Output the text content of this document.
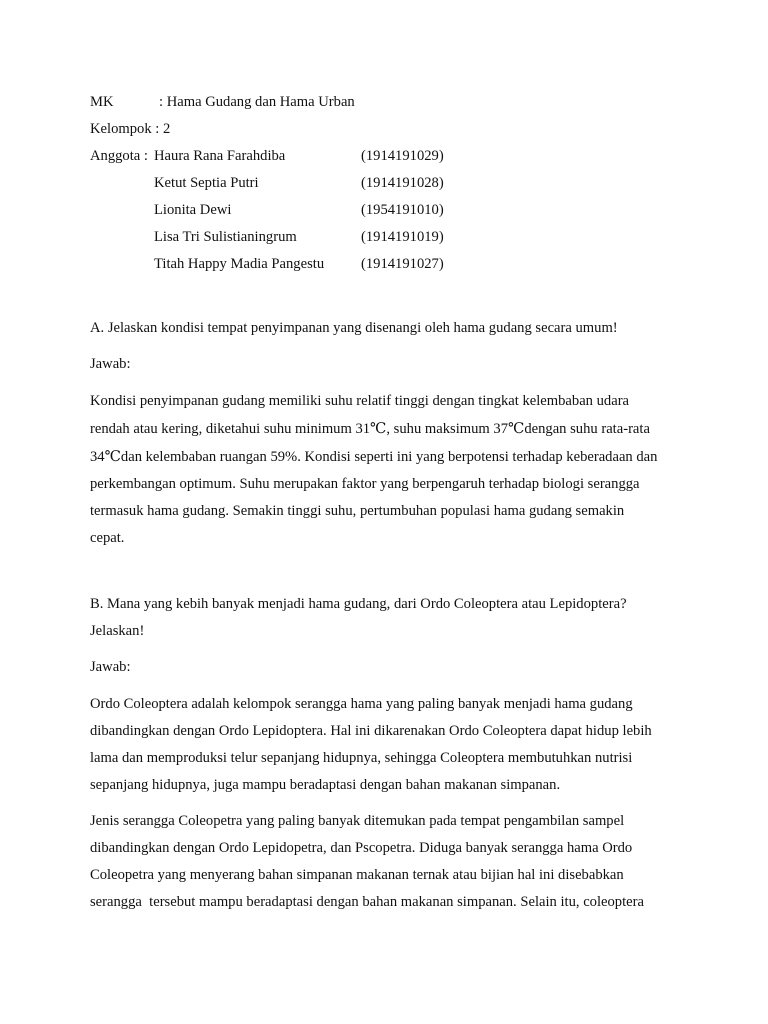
MK	: Hama Gudang dan Hama Urban
Kelompok : 2
Anggota : Haura Rana Farahdiba	(1914191029)
Ketut Septia Putri	(1914191028)
Lionita Dewi	(1954191010)
Lisa Tri Sulistianingrum	(1914191019)
Titah Happy Madia Pangestu	(1914191027)
A. Jelaskan kondisi tempat penyimpanan yang disenangi oleh hama gudang secara umum!
Jawab:
Kondisi penyimpanan gudang memiliki suhu relatif tinggi dengan tingkat kelembaban udara
rendah atau kering, diketahui suhu minimum 31℃, suhu maksimum 37℃dengan suhu rata-rata
34℃dan kelembaban ruangan 59%. Kondisi seperti ini yang berpotensi terhadap keberadaan dan
perkembangan optimum. Suhu merupakan faktor yang berpengaruh terhadap biologi serangga
termasuk hama gudang. Semakin tinggi suhu, pertumbuhan populasi hama gudang semakin
cepat.
B. Mana yang kebih banyak menjadi hama gudang, dari Ordo Coleoptera atau Lepidoptera?
Jelaskan!
Jawab:
Ordo Coleoptera adalah kelompok serangga hama yang paling banyak menjadi hama gudang
dibandingkan dengan Ordo Lepidoptera. Hal ini dikarenakan Ordo Coleoptera dapat hidup lebih
lama dan memproduksi telur sepanjang hidupnya, sehingga Coleoptera membutuhkan nutrisi
sepanjang hidupnya, juga mampu beradaptasi dengan bahan makanan simpanan.
Jenis serangga Coleopetra yang paling banyak ditemukan pada tempat pengambilan sampel
dibandingkan dengan Ordo Lepidopetra, dan Pscopetra. Diduga banyak serangga hama Ordo
Coleopetra yang menyerang bahan simpanan makanan ternak atau bijian hal ini disebabkan
serangga  tersebut mampu beradaptasi dengan bahan makanan simpanan. Selain itu, coleoptera
